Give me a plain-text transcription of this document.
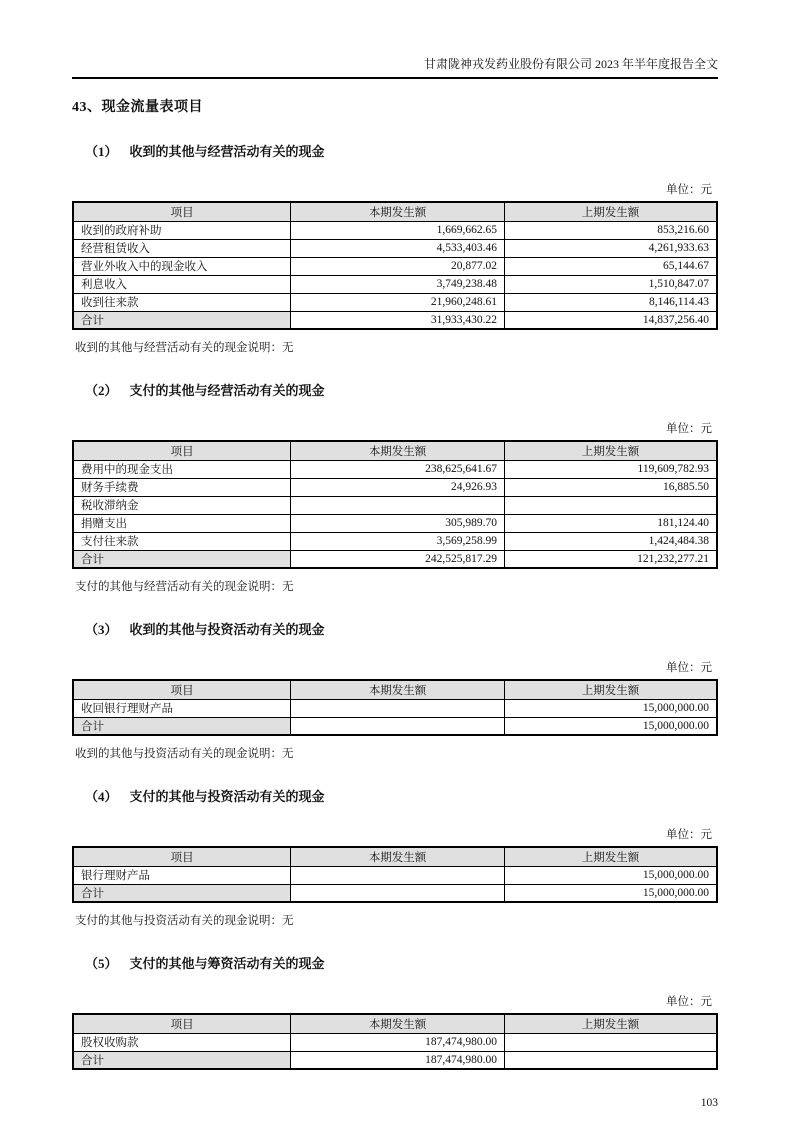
甘肃陇神戎发药业股份有限公司 2023 年半年度报告全文
43、现金流量表项目
（1） 收到的其他与经营活动有关的现金
单位：元
项目	本期发生额	上期发生额
收到的政府补助	1,669,662.65	853,216.60
经营租赁收入	4,533,403.46	4,261,933.63
营业外收入中的现金收入	20,877.02	65,144.67
利息收入	3,749,238.48	1,510,847.07
收到往来款	21,960,248.61	8,146,114.43
合计	31,933,430.22	14,837,256.40

收到的其他与经营活动有关的现金说明：无

（2） 支付的其他与经营活动有关的现金
单位：元
项目	本期发生额	上期发生额
费用中的现金支出	238,625,641.67	119,609,782.93
财务手续费	24,926.93	16,885.50
税收滞纳金		
捐赠支出	305,989.70	181,124.40
支付往来款	3,569,258.99	1,424,484.38
合计	242,525,817.29	121,232,277.21

支付的其他与经营活动有关的现金说明：无

（3） 收到的其他与投资活动有关的现金
单位：元
项目	本期发生额	上期发生额
收回银行理财产品		15,000,000.00
合计		15,000,000.00

收到的其他与投资活动有关的现金说明：无

（4） 支付的其他与投资活动有关的现金
单位：元
项目	本期发生额	上期发生额
银行理财产品		15,000,000.00
合计		15,000,000.00

支付的其他与投资活动有关的现金说明：无

（5） 支付的其他与筹资活动有关的现金
单位：元
项目	本期发生额	上期发生额
股权收购款	187,474,980.00	
合计	187,474,980.00	
103
